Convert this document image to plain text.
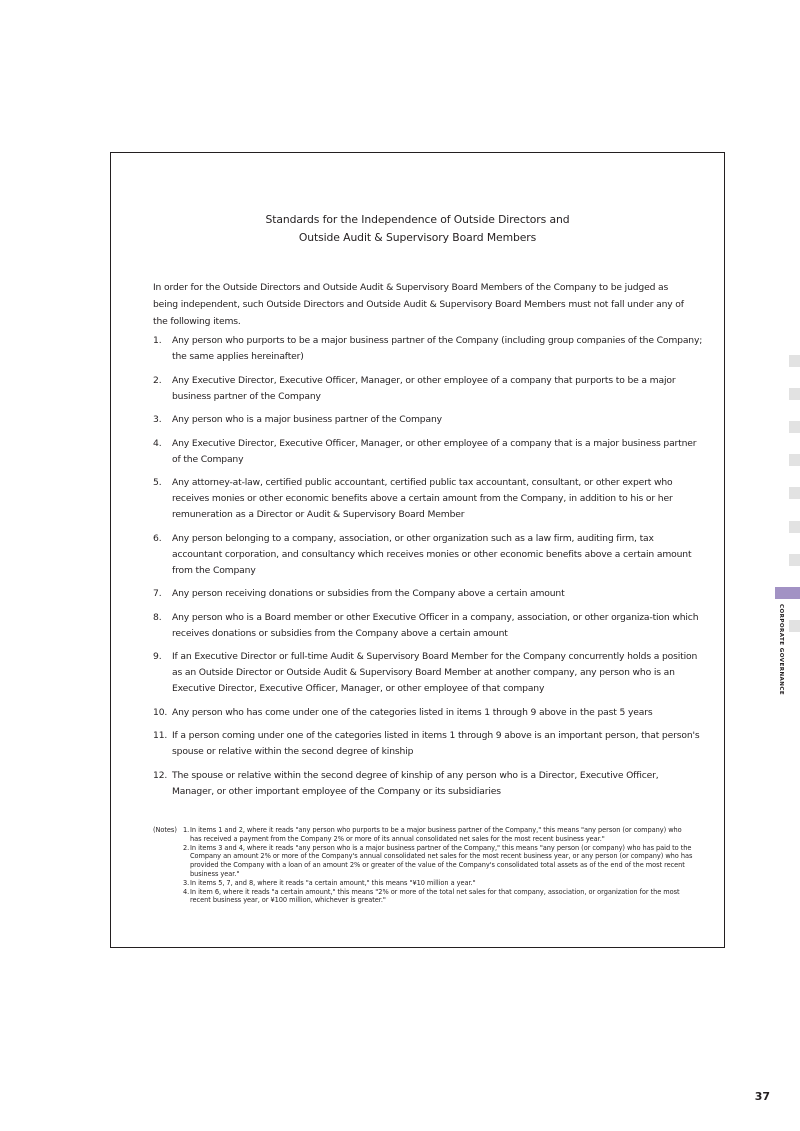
Standards for the Independence of Outside Directors and
Outside Audit & Supervisory Board Members

In order for the Outside Directors and Outside Audit & Supervisory Board Members of the Company to be judged as being independent, such Outside Directors and Outside Audit & Supervisory Board Members must not fall under any of the following items.

1. Any person who purports to be a major business partner of the Company (including group companies of the Company; the same applies hereinafter)
2. Any Executive Director, Executive Officer, Manager, or other employee of a company that purports to be a major business partner of the Company
3. Any person who is a major business partner of the Company
4. Any Executive Director, Executive Officer, Manager, or other employee of a company that is a major business partner of the Company
5. Any attorney-at-law, certified public accountant, certified public tax accountant, consultant, or other expert who receives monies or other economic benefits above a certain amount from the Company, in addition to his or her remuneration as a Director or Audit & Supervisory Board Member
6. Any person belonging to a company, association, or other organization such as a law firm, auditing firm, tax accountant corporation, and consultancy which receives monies or other economic benefits above a certain amount from the Company
7. Any person receiving donations or subsidies from the Company above a certain amount
8. Any person who is a Board member or other Executive Officer in a company, association, or other organiza-tion which receives donations or subsidies from the Company above a certain amount
9. If an Executive Director or full-time Audit & Supervisory Board Member for the Company concurrently holds a position as an Outside Director or Outside Audit & Supervisory Board Member at another company, any person who is an Executive Director, Executive Officer, Manager, or other employee of that company
10. Any person who has come under one of the categories listed in items 1 through 9 above in the past 5 years
11. If a person coming under one of the categories listed in items 1 through 9 above is an important person, that person's spouse or relative within the second degree of kinship
12. The spouse or relative within the second degree of kinship of any person who is a Director, Executive Officer, Manager, or other important employee of the Company or its subsidiaries
(Notes) 1. In items 1 and 2, where it reads "any person who purports to be a major business partner of the Company," this means "any person (or company) who has received a payment from the Company 2% or more of its annual consolidated net sales for the most recent business year."
2. In items 3 and 4, where it reads "any person who is a major business partner of the Company," this means "any person (or company) who has paid to the Company an amount 2% or more of the Company's annual consolidated net sales for the most recent business year, or any person (or company) who has provided the Company with a loan of an amount 2% or greater of the value of the Company's consolidated total assets as of the end of the most recent business year."
3. In items 5, 7, and 8, where it reads "a certain amount," this means "¥10 million a year."
4. In item 6, where it reads "a certain amount," this means "2% or more of the total net sales for that company, association, or organization for the most recent business year, or ¥100 million, whichever is greater."
CORPORATE GOVERNANCE
37
